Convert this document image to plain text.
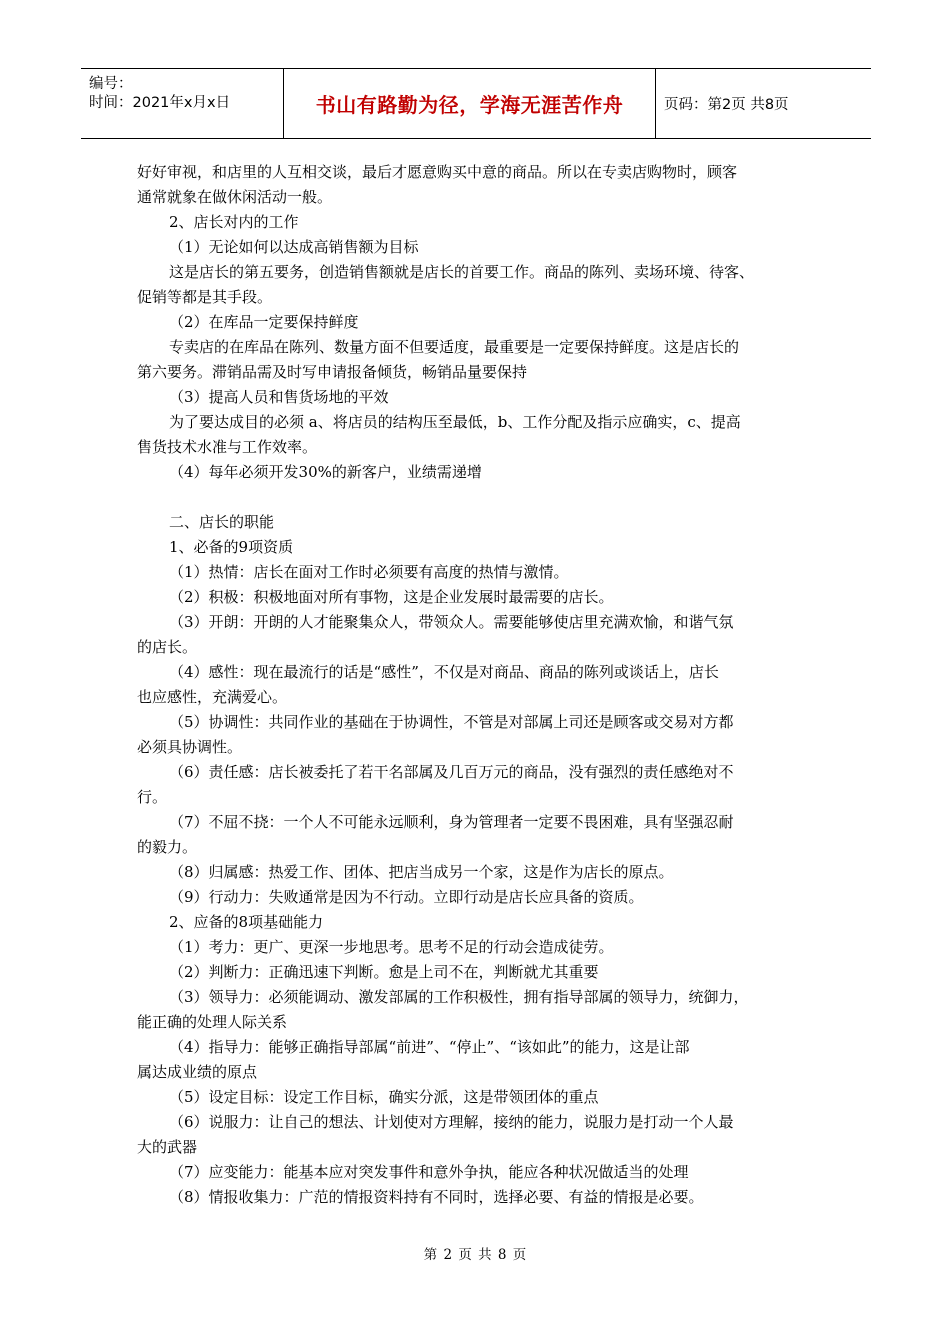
编号：
时间：2021年x月x日	书山有路勤为径，学海无涯苦作舟	页码：第2页 共8页
好好审视，和店里的人互相交谈，最后才愿意购买中意的商品。所以在专卖店购物时，顾客
通常就象在做休闲活动一般。
2、店长对内的工作
（1）无论如何以达成高销售额为目标
这是店长的第五要务，创造销售额就是店长的首要工作。商品的陈列、卖场环境、待客、
促销等都是其手段。
（2）在库品一定要保持鲜度
专卖店的在库品在陈列、数量方面不但要适度，最重要是一定要保持鲜度。这是店长的
第六要务。滞销品需及时写申请报备倾货，畅销品量要保持
（3）提高人员和售货场地的平效
为了要达成目的必须 a、将店员的结构压至最低，b、工作分配及指示应确实，c、提高
售货技术水准与工作效率。
（4）每年必须开发30%的新客户，业绩需递增
二、店长的职能
1、必备的9项资质
（1）热情：店长在面对工作时必须要有高度的热情与激情。
（2）积极：积极地面对所有事物，这是企业发展时最需要的店长。
（3）开朗：开朗的人才能聚集众人，带领众人。需要能够使店里充满欢愉，和谐气氛
的店长。
（4）感性：现在最流行的话是“感性”，不仅是对商品、商品的陈列或谈话上，店长
也应感性，充满爱心。
（5）协调性：共同作业的基础在于协调性，不管是对部属上司还是顾客或交易对方都
必须具协调性。
（6）责任感：店长被委托了若干名部属及几百万元的商品，没有强烈的责任感绝对不
行。
（7）不屈不挠：一个人不可能永远顺利，身为管理者一定要不畏困难，具有坚强忍耐
的毅力。
（8）归属感：热爱工作、团体、把店当成另一个家，这是作为店长的原点。
（9）行动力：失败通常是因为不行动。立即行动是店长应具备的资质。
2、应备的8项基础能力
（1）考力：更广、更深一步地思考。思考不足的行动会造成徒劳。
（2）判断力：正确迅速下判断。愈是上司不在，判断就尤其重要
（3）领导力：必须能调动、激发部属的工作积极性，拥有指导部属的领导力，统御力，
能正确的处理人际关系
（4）指导力：能够正确指导部属“前进”、“停止”、“该如此”的能力，这是让部
属达成业绩的原点
（5）设定目标：设定工作目标，确实分派，这是带领团体的重点
（6）说服力：让自己的想法、计划使对方理解，接纳的能力，说服力是打动一个人最
大的武器
（7）应变能力：能基本应对突发事件和意外争执，能应各种状况做适当的处理
（8）情报收集力：广范的情报资料持有不同时，选择必要、有益的情报是必要。
第 2 页 共 8 页
